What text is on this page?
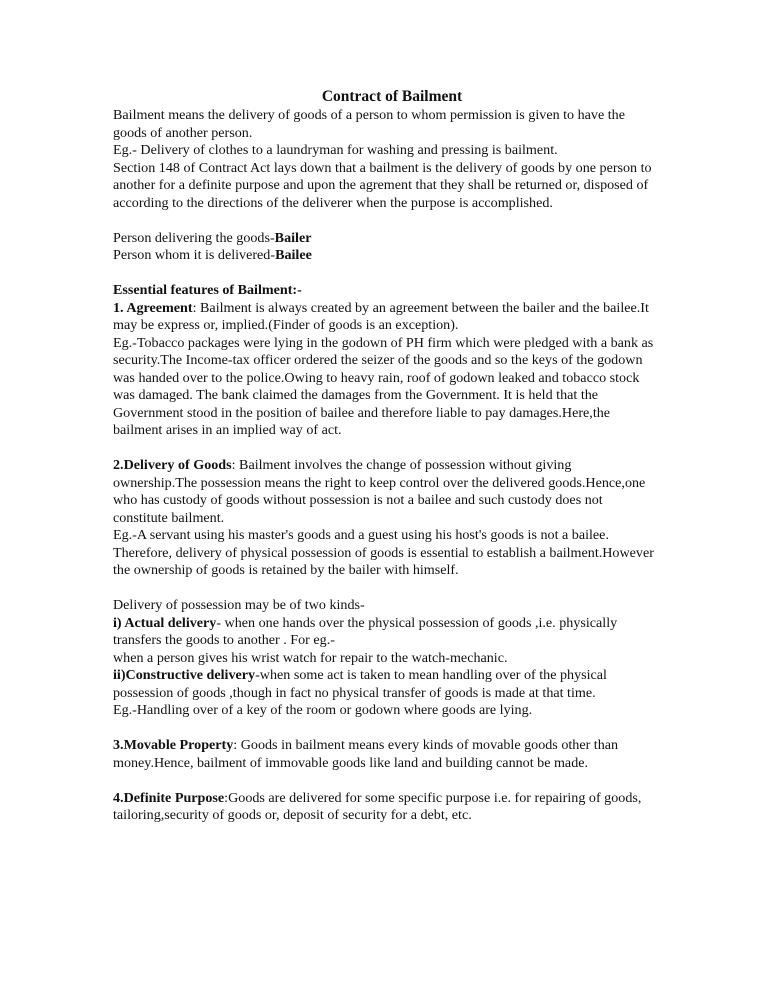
Contract of Bailment

Bailment means the delivery of goods of a person to whom permission is given to have the goods of another person.

Eg.- Delivery of clothes to a laundryman for washing and pressing is bailment.

Section 148 of Contract Act lays down that a bailment is the delivery of goods by one person to another for a definite purpose and upon the agrement that they shall be returned or, disposed of according to the directions of the deliverer when the purpose is accomplished.

Person delivering the goods-Bailer

Person whom it is delivered-Bailee

Essential features of Bailment:-

1. Agreement: Bailment is always created by an agreement between the bailer and the bailee.It may be express or, implied.(Finder of goods is an exception).

Eg.-Tobacco packages were lying in the godown of PH firm which were pledged with a bank as security.The Income-tax officer ordered the seizer of the goods and so the keys of the godown was handed over to the police.Owing to heavy rain, roof of godown leaked and tobacco stock was damaged. The bank claimed the damages from the Government. It is held that the Government stood in the position of bailee and therefore liable to pay damages.Here,the bailment arises in an implied way of act.

2.Delivery of Goods: Bailment involves the change of possession without giving ownership.The possession means the right to keep control over the delivered goods.Hence,one who has custody of goods without possession is not a bailee and such custody does not constitute bailment.

Eg.-A servant using his master's goods and a guest using his host's goods is not a bailee. Therefore, delivery of physical possession of goods is essential to establish a bailment.However the ownership of goods is retained by the bailer with himself.

Delivery of possession may be of two kinds-

i) Actual delivery- when one hands over the physical possession of goods ,i.e. physically transfers the goods to another . For eg.-

when a person gives his wrist watch for repair to the watch-mechanic.

ii)Constructive delivery-when some act is taken to mean handling over of the physical possession of goods ,though in fact no physical transfer of goods is made at that time.

Eg.-Handling over of a key of the room or godown where goods are lying.

3.Movable Property: Goods in bailment means every kinds of movable goods other than money.Hence, bailment of immovable goods like land and building cannot be made.

4.Definite Purpose:Goods are delivered for some specific purpose i.e. for repairing of goods, tailoring,security of goods or, deposit of security for a debt, etc.
